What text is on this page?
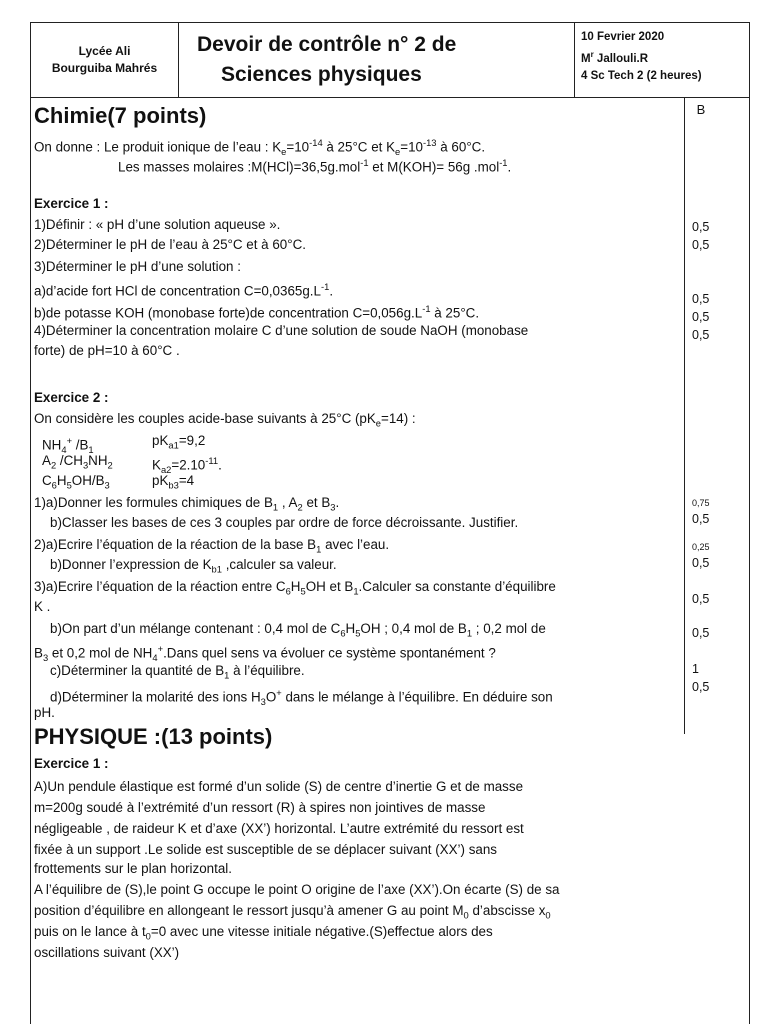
Lycée Ali
Bourguiba Mahrés
Devoir de contrôle n° 2 de
Sciences physiques
10 Fevrier 2020
$M^r$ Jallouli.R
4 Sc Tech 2 (2 heures)
B
Chimie(7 points)
On donne : Le produit ionique de l’eau : $K_e=10^{-14}$ à 25°C et $K_e=10^{-13}$ à 60°C.
Les masses molaires :M(HCl)=36,5g.mol$^{-1}$ et M(KOH)= 56g .mol$^{-1}$.
Exercice 1 :
1)Définir : « pH d’une solution aqueuse ».
2)Déterminer le pH de l’eau à 25°C et à 60°C.
3)Déterminer le pH d’une solution :
a)d’acide fort HCl de concentration $C=0,0365g.L^{-1}$.
b)de potasse KOH (monobase forte)de concentration $C=0,056g.L^{-1}$ à 25°C.
4)Déterminer la concentration molaire C d’une solution de soude NaOH (monobase
forte) de pH=10 à 60°C .
0,5
0,5
0,5
0,5
0,5
Exercice 2 :
On considère les couples acide-base suivants à 25°C $(pK_e=14)$ :
$NH_4^+$ $/B_1$
$pK_{a1}=9,2$
$A_2$ $/CH_3NH_2$	$K_{a2}=2.10^{-11}$.
$C_6H_5OH/B_3$	$pK_{b3}=4$
1)a)Donner les formules chimiques de $B_1$ , $A_2$ et $B_3$.
b)Classer les bases de ces 3 couples par ordre de force décroissante. Justifier.
2)a)Ecrire l’équation de la réaction de la base $B_1$ avec l’eau.
b)Donner l’expression de $K_{b1}$ ,calculer sa valeur.
3)a)Ecrire l’équation de la réaction entre $C_6H_5OH$ et $B_1.Calculer$ sa constante d’équilibre
K .
b)On part d’un mélange contenant : 0,4 mol de $C_6H_5OH$ ; 0,4 mol de $B_1$ ; 0,2 mol de
$B_3$ et 0,2 mol de $NH_4^+.Dans$ quel sens va évoluer ce système spontanément ?
c)Déterminer la quantité de $B_1$ à l’équilibre.
d)Déterminer la molarité des ions $H_3O^+$ dans le mélange à l’équilibre. En déduire son
pH.
0,75
0,5
0,25
0,5
0,5
0,5
1
0,5
PHYSIQUE :(13 points)
Exercice 1 :
A)Un pendule élastique est formé d’un solide (S) de centre d’inertie G et de masse
m=200g soudé à l’extrémité d’un ressort (R) à spires non jointives de masse
négligeable , de raideur K et d’axe (XX’) horizontal. L’autre extrémité du ressort est
fixée à un support .Le solide est susceptible de se déplacer suivant (XX’) sans
frottements sur le plan horizontal.
A l’équilibre de (S),le point G occupe le point O origine de l’axe (XX’).On écarte (S) de sa
position d’équilibre en allongeant le ressort jusqu’à amener G au point $M_0$ d’abscisse $x_0$
puis on le lance à $t_0=0$ avec une vitesse initiale négative.(S)effectue alors des
oscillations suivant (XX’)
